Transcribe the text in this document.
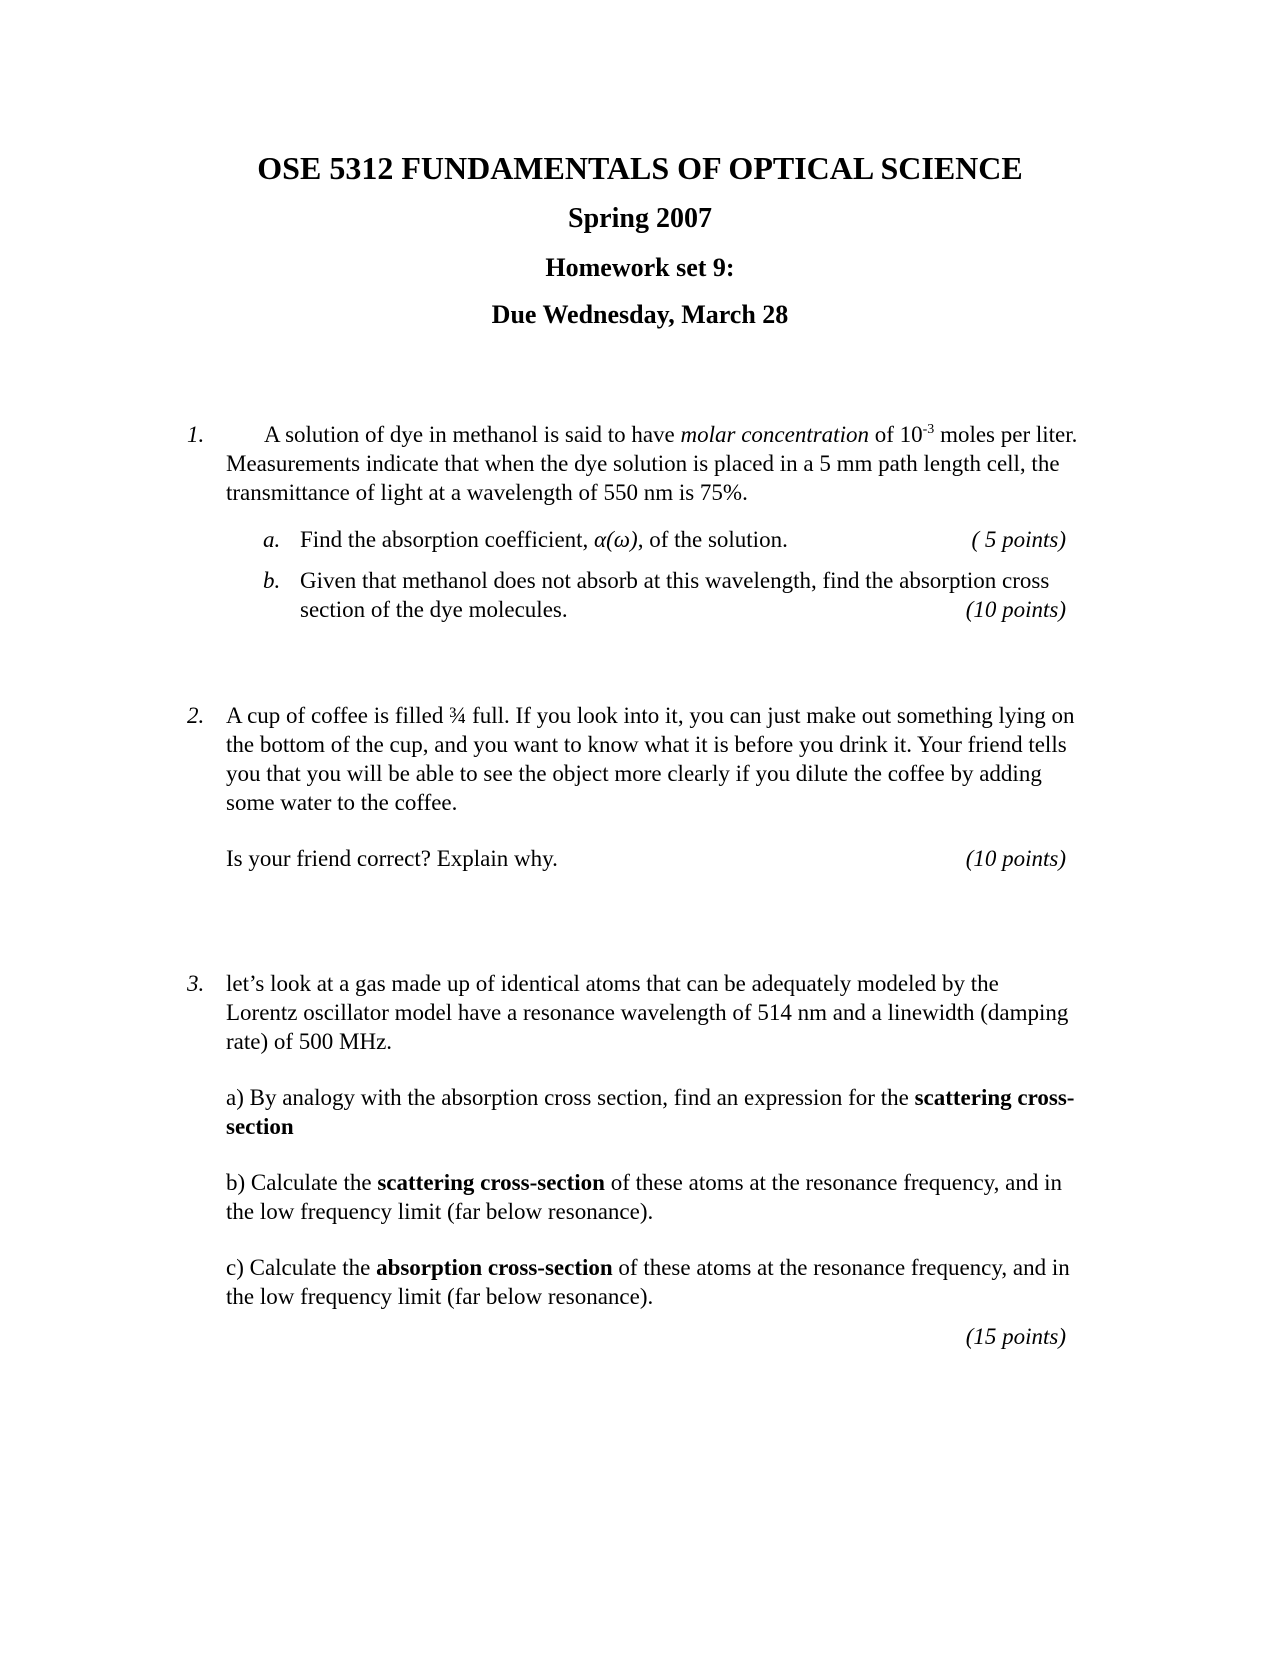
OSE 5312 FUNDAMENTALS OF OPTICAL SCIENCE
Spring 2007
Homework set 9:
Due Wednesday, March 28
1.	A solution of dye in methanol is said to have molar concentration of $10^{-3}$ moles per liter. Measurements indicate that when the dye solution is placed in a 5 mm path length cell, the transmittance of light at a wavelength of 550 nm is 75%.
a. Find the absorption coefficient, α(ω), of the solution.	( 5 points)
b. Given that methanol does not absorb at this wavelength, find the absorption cross section of the dye molecules.	(10 points)
2. A cup of coffee is filled ¾ full. If you look into it, you can just make out something lying on the bottom of the cup, and you want to know what it is before you drink it. Your friend tells you that you will be able to see the object more clearly if you dilute the coffee by adding some water to the coffee.
Is your friend correct? Explain why.	(10 points)
3. let’s look at a gas made up of identical atoms that can be adequately modeled by the Lorentz oscillator model have a resonance wavelength of 514 nm and a linewidth (damping rate) of 500 MHz.
a) By analogy with the absorption cross section, find an expression for the scattering cross-section
b) Calculate the scattering cross-section of these atoms at the resonance frequency, and in the low frequency limit (far below resonance).
c) Calculate the absorption cross-section of these atoms at the resonance frequency, and in the low frequency limit (far below resonance).
(15 points)
